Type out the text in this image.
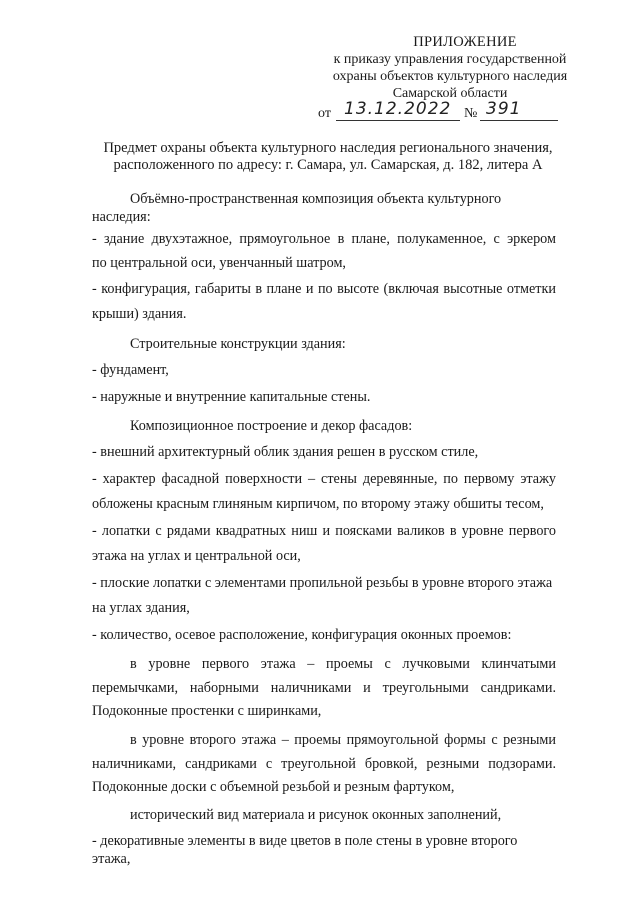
ПРИЛОЖЕНИЕ
к приказу управления государственной
охраны объектов культурного наследия
Самарской области
от 13.12.2022 № 391
Предмет охраны объекта культурного наследия регионального значения,
расположенного по адресу: г. Самара, ул. Самарская, д. 182, литера А

Объёмно-пространственная композиция объекта культурного наследия:

- здание двухэтажное, прямоугольное в плане, полукаменное, с эркером

по центральной оси, увенчанный шатром,

- конфигурация, габариты в плане и по высоте (включая высотные отметки

крыши) здания.

Строительные конструкции здания:

- фундамент,

- наружные и внутренние капитальные стены.

Композиционное построение и декор фасадов:

- внешний архитектурный облик здания решен в русском стиле,

- характер фасадной поверхности – стены деревянные, по первому этажу

обложены красным глиняным кирпичом, по второму этажу обшиты тесом,

- лопатки с рядами квадратных ниш и поясками валиков в уровне первого

этажа на углах и центральной оси,

- плоские лопатки с элементами пропильной резьбы в уровне второго этажа

на углах здания,

- количество, осевое расположение, конфигурация оконных проемов:

в уровне первого этажа – проемы с лучковыми клинчатыми

перемычками, наборными наличниками и треугольными сандриками.

Подоконные простенки с ширинками,

в уровне второго этажа – проемы прямоугольной формы с резными

наличниками, сандриками с треугольной бровкой, резными подзорами.

Подоконные доски с объемной резьбой и резным фартуком,

исторический вид материала и рисунок оконных заполнений,

- декоративные элементы в виде цветов в поле стены в уровне второго этажа,
